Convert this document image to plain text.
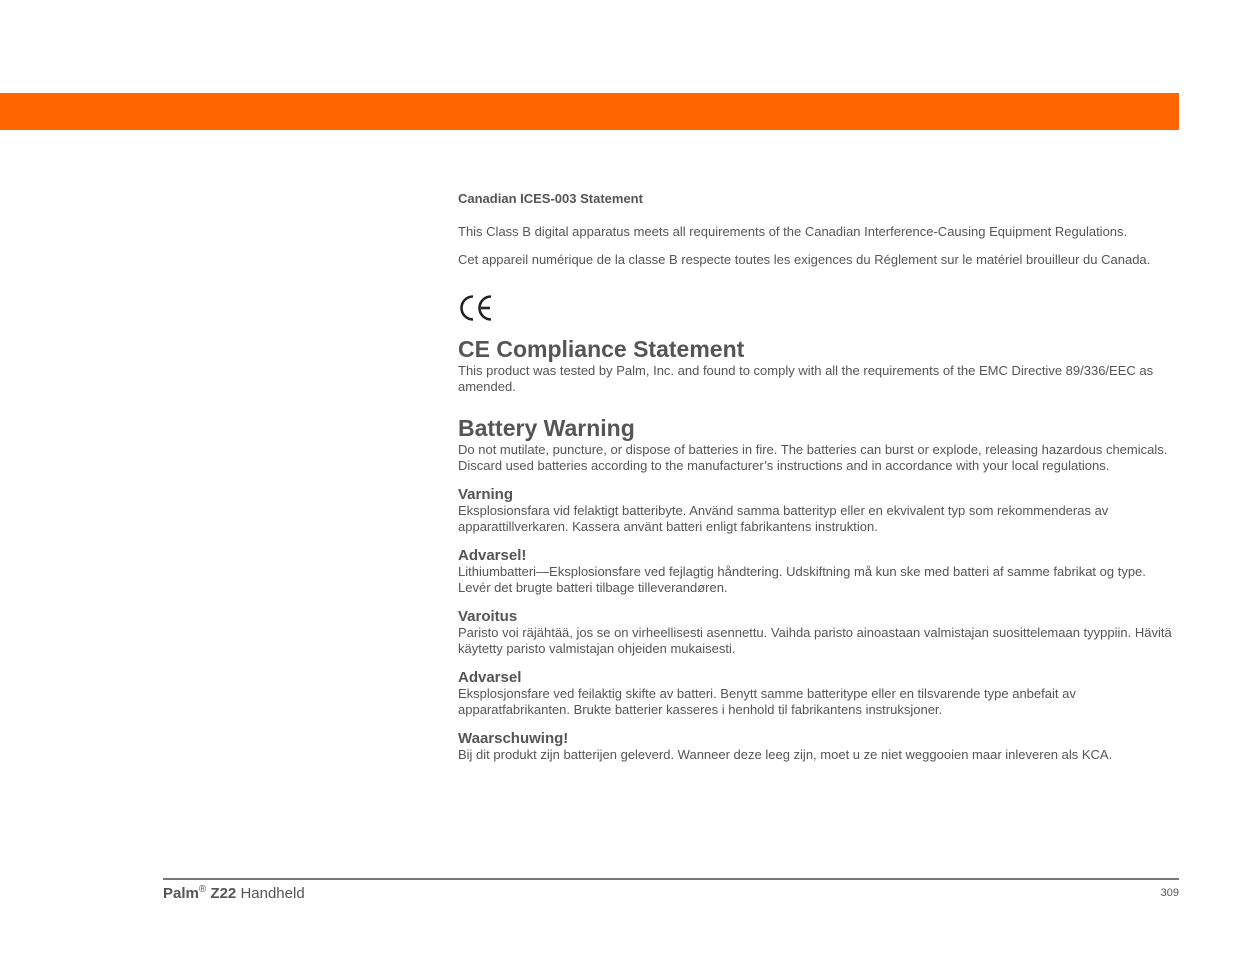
Canadian ICES-003 Statement

This Class B digital apparatus meets all requirements of the Canadian Interference-Causing Equipment Regulations.

Cet appareil numérique de la classe B respecte toutes les exigences du Réglement sur le matériel brouilleur du Canada.

CE Compliance Statement

This product was tested by Palm, Inc. and found to comply with all the requirements of the EMC Directive 89/336/EEC as amended.

Battery Warning

Do not mutilate, puncture, or dispose of batteries in fire. The batteries can burst or explode, releasing hazardous chemicals. Discard used batteries according to the manufacturer’s instructions and in accordance with your local regulations.

Varning

Eksplosionsfara vid felaktigt batteribyte. Använd samma batterityp eller en ekvivalent typ som rekommenderas av apparattillverkaren. Kassera använt batteri enligt fabrikantens instruktion.

Advarsel!

Lithiumbatteri—Eksplosionsfare ved fejlagtig håndtering. Udskiftning må kun ske med batteri af samme fabrikat og type. Levér det brugte batteri tilbage tilleverandøren.

Varoitus

Paristo voi räjähtää, jos se on virheellisesti asennettu. Vaihda paristo ainoastaan valmistajan suosittelemaan tyyppiin. Hävitä käytetty paristo valmistajan ohjeiden mukaisesti.

Advarsel

Eksplosjonsfare ved feilaktig skifte av batteri. Benytt samme batteritype eller en tilsvarende type anbefait av apparatfabrikanten. Brukte batterier kasseres i henhold til fabrikantens instruksjoner.

Waarschuwing!

Bij dit produkt zijn batterijen geleverd. Wanneer deze leeg zijn, moet u ze niet weggooien maar inleveren als KCA.

Palm® Z22 Handheld	309
